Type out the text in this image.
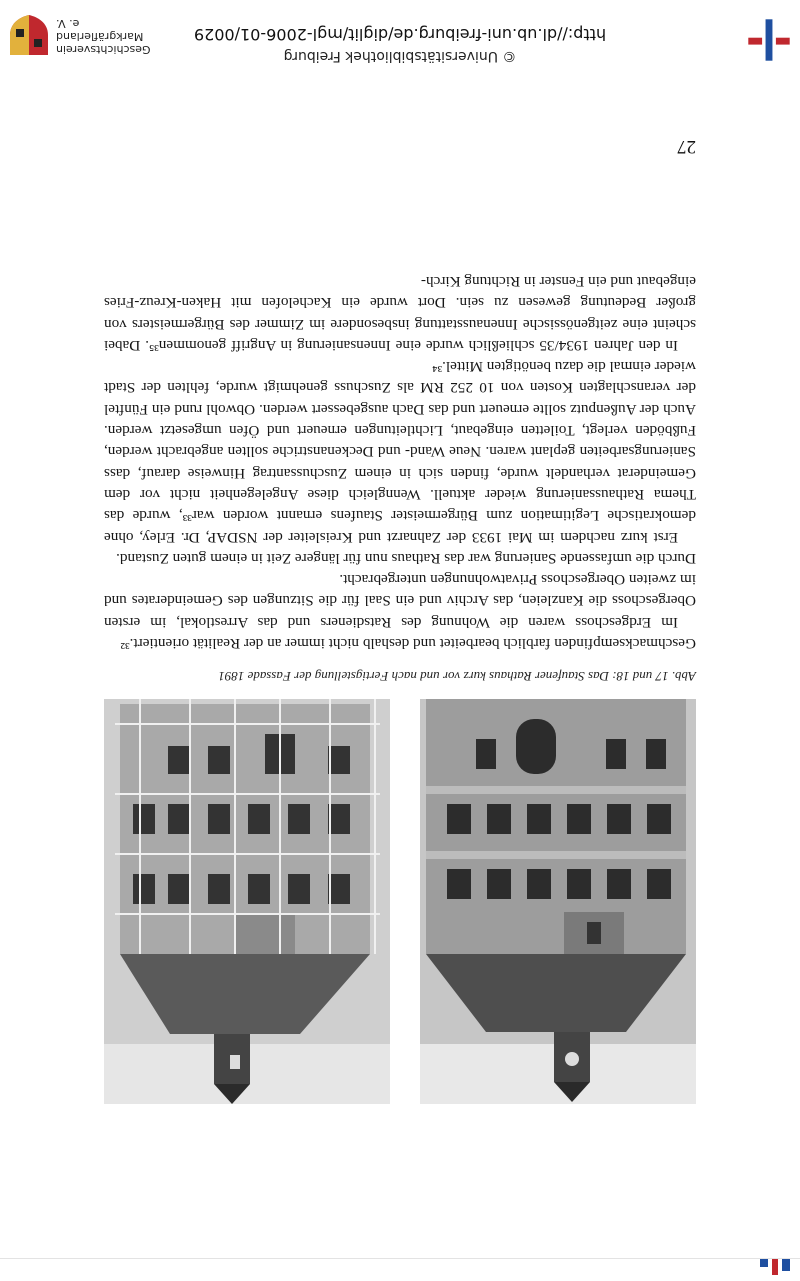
Abb. 17 und 18: Das Staufener Rathaus kurz vor und nach Fertigstellung der Fassade 1891

Geschmacksempfinden farblich bearbeitet und deshalb nicht immer an der Realität orientiert.³²

Im Erdgeschoss waren die Wohnung des Ratsdieners und das Arrestlokal, im ersten Obergeschoss die Kanzleien, das Archiv und ein Saal für die Sitzungen des Gemeinderates und im zweiten Obergeschoss Privatwohnungen untergebracht.

Durch die umfassende Sanierung war das Rathaus nun für längere Zeit in einem guten Zustand.

Erst kurz nachdem im Mai 1933 der Zahnarzt und Kreisleiter der NSDAP, Dr. Erley, ohne demokratische Legitimation zum Bürgermeister Staufens ernannt worden war³³, wurde das Thema Rathaussanierung wieder aktuell. Wenngleich diese Angelegenheit nicht vor dem Gemeinderat verhandelt wurde, finden sich in einem Zuschussantrag Hinweise darauf, dass Sanierungsarbeiten geplant waren. Neue Wand- und Deckenanstriche sollten angebracht werden, Fußböden verlegt, Toiletten eingebaut, Lichtleitungen erneuert und Öfen umgesetzt werden. Auch der Außenputz sollte erneuert und das Dach ausgebessert werden. Obwohl rund ein Fünftel der veranschlagten Kosten von 10 252 RM als Zuschuss genehmigt wurde, fehlten der Stadt wieder einmal die dazu benötigten Mittel.³⁴

In den Jahren 1934/35 schließlich wurde eine Innensanierung in Angriff genommen³⁵. Dabei scheint eine zeitgenössische Innenausstattung insbesondere im Zimmer des Bürgermeisters von großer Bedeutung gewesen zu sein. Dort wurde ein Kachelofen mit Haken-Kreuz-Fries eingebaut und ein Fenster in Richtung Kirch-

27
© Universitätsbibliothek Freiburg
http://dl.ub.uni-freiburg.de/diglit/mgl-2006-01/0029
Geschichtsverein
Markgräflerland e. V.
